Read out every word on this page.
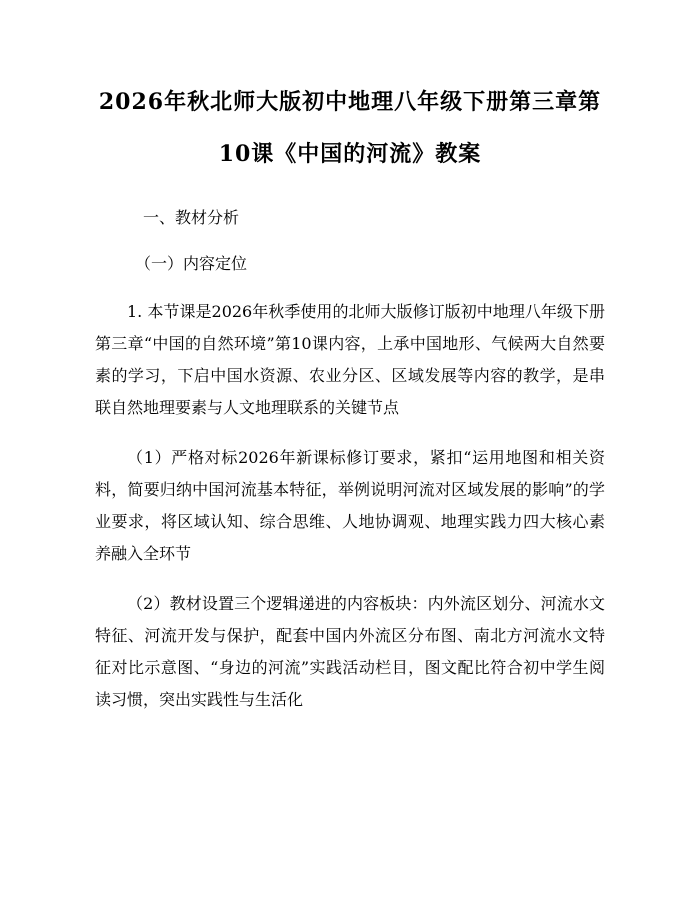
2026年秋北师大版初中地理八年级下册第三章第10课《中国的河流》教案

一、教材分析

（一）内容定位

1. 本节课是2026年秋季使用的北师大版修订版初中地理八年级下册第三章“中国的自然环境”第10课内容，上承中国地形、气候两大自然要素的学习，下启中国水资源、农业分区、区域发展等内容的教学，是串联自然地理要素与人文地理联系的关键节点

（1）严格对标2026年新课标修订要求，紧扣“运用地图和相关资料，简要归纳中国河流基本特征，举例说明河流对区域发展的影响”的学业要求，将区域认知、综合思维、人地协调观、地理实践力四大核心素养融入全环节

（2）教材设置三个逻辑递进的内容板块：内外流区划分、河流水文特征、河流开发与保护，配套中国内外流区分布图、南北方河流水文特征对比示意图、“身边的河流”实践活动栏目，图文配比符合初中学生阅读习惯，突出实践性与生活化
